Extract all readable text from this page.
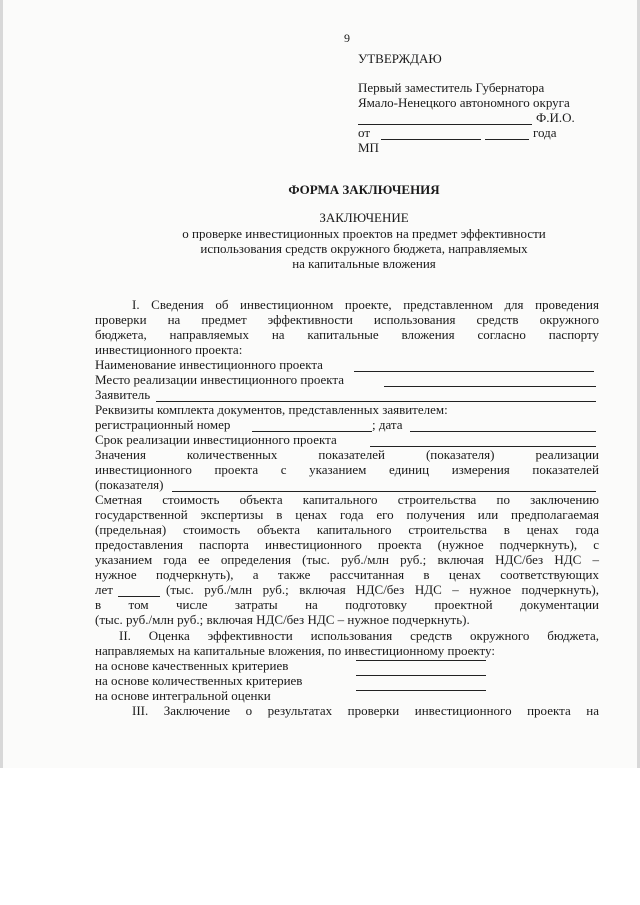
9
УТВЕРЖДАЮ
Первый заместитель Губернатора
Ямало-Ненецкого автономного округа
Ф.И.О.
от	года
МП
ФОРМА ЗАКЛЮЧЕНИЯ
ЗАКЛЮЧЕНИЕ
о проверке инвестиционных проектов на предмет эффективности
использования средств окружного бюджета, направляемых
на капитальные вложения
I. Сведения об инвестиционном проекте, представленном для проведения
проверки на предмет эффективности использования средств окружного
бюджета, направляемых на капитальные вложения согласно паспорту
инвестиционного проекта:
Наименование инвестиционного проекта
Место реализации инвестиционного проекта
Заявитель
Реквизиты комплекта документов, представленных заявителем:
регистрационный номер	; дата
Срок реализации инвестиционного проекта
Значения количественных показателей (показателя) реализации
инвестиционного проекта с указанием единиц измерения показателей
(показателя)
Сметная стоимость объекта капитального строительства по заключению
государственной экспертизы в ценах года его получения или предполагаемая
(предельная) стоимость объекта капитального строительства в ценах года
предоставления паспорта инвестиционного проекта (нужное подчеркнуть), с
указанием года ее определения (тыс. руб./млн руб.; включая НДС/без НДС –
нужное подчеркнуть), а также рассчитанная в ценах соответствующих
лет	(тыс. руб./млн руб.; включая НДС/без НДС – нужное подчеркнуть),
в том числе затраты на подготовку проектной документации
(тыс. руб./млн руб.; включая НДС/без НДС – нужное подчеркнуть).
II. Оценка эффективности использования средств окружного бюджета,
направляемых на капитальные вложения, по инвестиционному проекту:
на основе качественных критериев
на основе количественных критериев
на основе интегральной оценки
III. Заключение о результатах проверки инвестиционного проекта на
